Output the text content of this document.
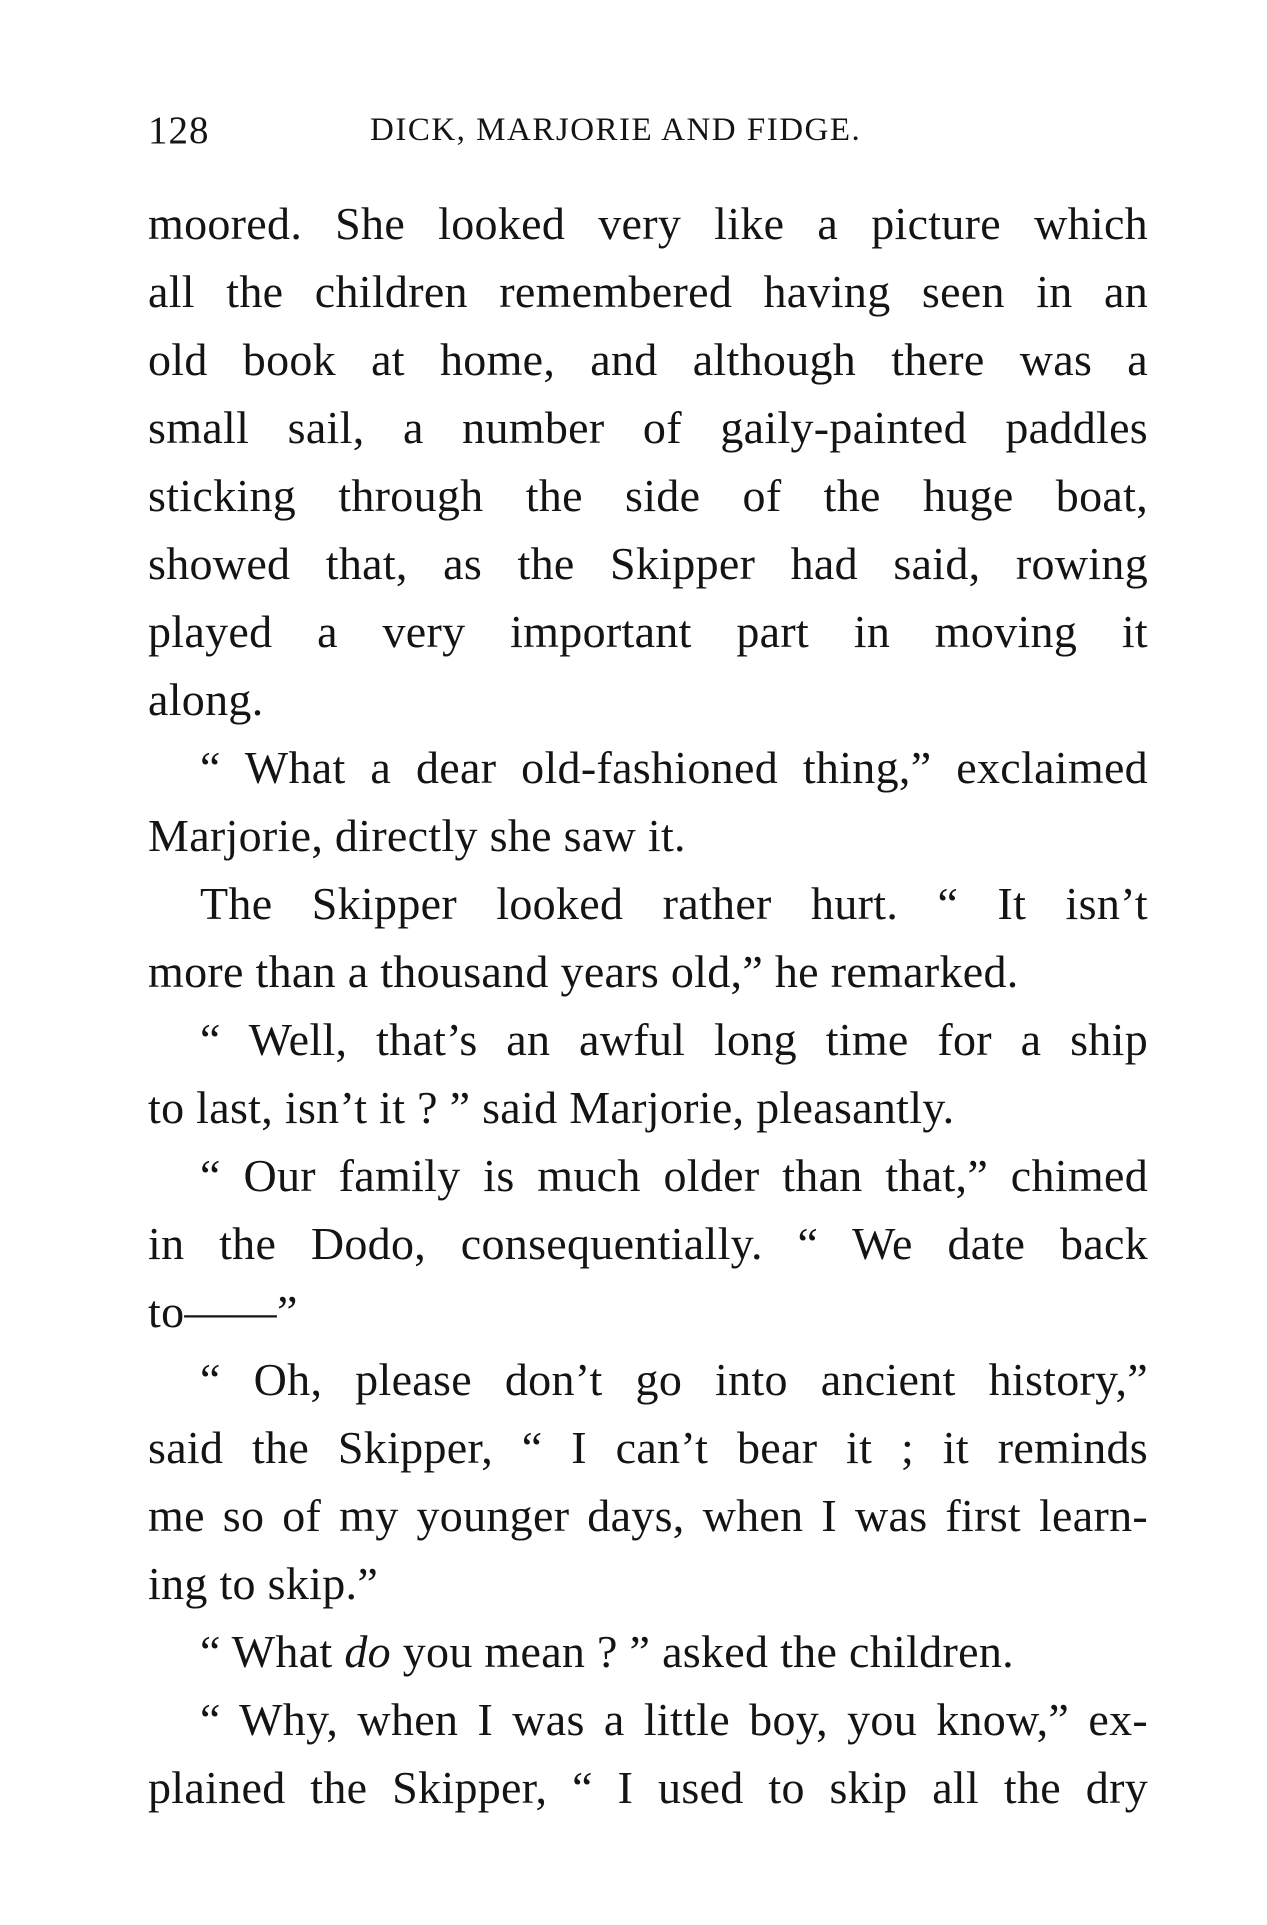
128	DICK, MARJORIE AND FIDGE.
moored. She looked very like a picture which
all the children remembered having seen in an
old book at home, and although there was a
small sail, a number of gaily-painted paddles
sticking through the side of the huge boat,
showed that, as the Skipper had said, rowing
played a very important part in moving it
along.
“ What a dear old-fashioned thing,” exclaimed
Marjorie, directly she saw it.
The Skipper looked rather hurt. “ It isn’t
more than a thousand years old,” he remarked.
“ Well, that’s an awful long time for a ship
to last, isn’t it ? ” said Marjorie, pleasantly.
“ Our family is much older than that,” chimed
in the Dodo, consequentially. “ We date back
to——”
“ Oh, please don’t go into ancient history,”
said the Skipper, “ I can’t bear it ; it reminds
me so of my younger days, when I was first learn-
ing to skip.”
“ What do you mean ? ” asked the children.
“ Why, when I was a little boy, you know,” ex-
plained the Skipper, “ I used to skip all the dry
